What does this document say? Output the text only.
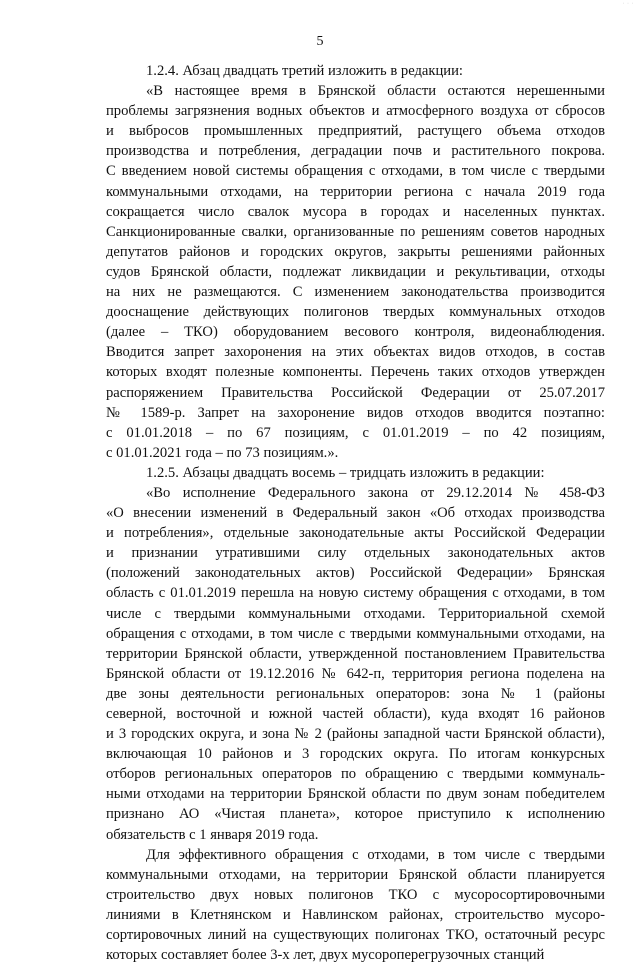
· · ·
5
1.2.4. Абзац двадцать третий изложить в редакции:
«В настоящее время в Брянской области остаются нерешенными
проблемы загрязнения водных объектов и атмосферного воздуха от сбросов
и выбросов промышленных предприятий, растущего объема отходов
производства и потребления, деградации почв и растительного покрова.
С введением новой системы обращения с отходами, в том числе с твердыми
коммунальными отходами, на территории региона с начала 2019 года
сокращается число свалок мусора в городах и населенных пунктах.
Санкционированные свалки, организованные по решениям советов народных
депутатов районов и городских округов, закрыты решениями районных
судов Брянской области, подлежат ликвидации и рекультивации, отходы
на них не размещаются. С изменением законодательства производится
дооснащение действующих полигонов твердых коммунальных отходов
(далее – ТКО) оборудованием весового контроля, видеонаблюдения.
Вводится запрет захоронения на этих объектах видов отходов, в состав
которых входят полезные компоненты. Перечень таких отходов утвержден
распоряжением Правительства Российской Федерации от 25.07.2017
№ 1589-р. Запрет на захоронение видов отходов вводится поэтапно:
с 01.01.2018 – по 67 позициям, с 01.01.2019 – по 42 позициям,
с 01.01.2021 года – по 73 позициям.».
1.2.5. Абзацы двадцать восемь – тридцать изложить в редакции:
«Во исполнение Федерального закона от 29.12.2014 № 458-ФЗ
«О внесении изменений в Федеральный закон «Об отходах производства
и потребления», отдельные законодательные акты Российской Федерации
и признании утратившими силу отдельных законодательных актов
(положений законодательных актов) Российской Федерации» Брянская
область с 01.01.2019 перешла на новую систему обращения с отходами, в том
числе с твердыми коммунальными отходами. Территориальной схемой
обращения с отходами, в том числе с твердыми коммунальными отходами, на
территории Брянской области, утвержденной постановлением Правительства
Брянской области от 19.12.2016 № 642-п, территория региона поделена на
две зоны деятельности региональных операторов: зона № 1 (районы
северной, восточной и южной частей области), куда входят 16 районов
и 3 городских округа, и зона № 2 (районы западной части Брянской области),
включающая 10 районов и 3 городских округа. По итогам конкурсных
отборов региональных операторов по обращению с твердыми коммуналь-
ными отходами на территории Брянской области по двум зонам победителем
признано АО «Чистая планета», которое приступило к исполнению
обязательств с 1 января 2019 года.
Для эффективного обращения с отходами, в том числе с твердыми
коммунальными отходами, на территории Брянской области планируется
строительство двух новых полигонов ТКО с мусоросортировочными
линиями в Клетнянском и Навлинском районах, строительство мусоро-
сортировочных линий на существующих полигонах ТКО, остаточный ресурс
которых составляет более 3-х лет, двух мусороперегрузочных станций
